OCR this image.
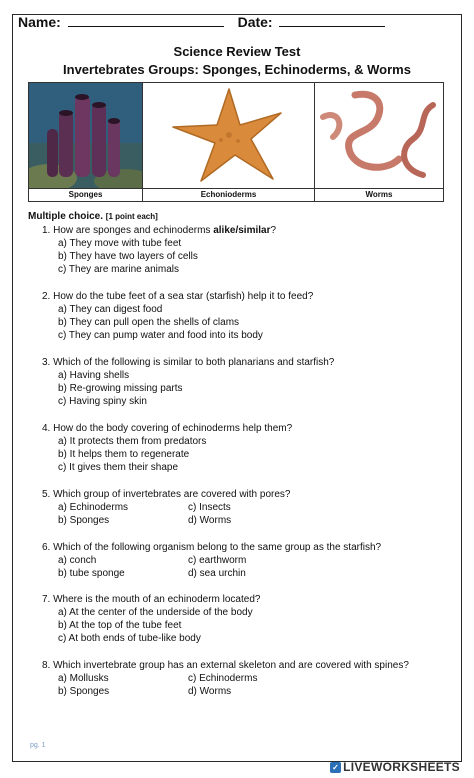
Name:	Date:
Science Review Test
Invertebrates Groups: Sponges, Echinoderms, & Worms
Sponges	Echonioderms	Worms
Multiple choice. [1 point each]
1. How are sponges and echinoderms alike/similar?
a) They move with tube feet
b) They have two layers of cells
c) They are marine animals
2. How do the tube feet of a sea star (starfish) help it to feed?
a) They can digest food
b) They can pull open the shells of clams
c) They can pump water and food into its body
3. Which of the following is similar to both planarians and starfish?
a) Having shells
b) Re-growing missing parts
c) Having spiny skin
4. How do the body covering of echinoderms help them?
a) It protects them from predators
b) It helps them to regenerate
c) It gives them their shape
5. Which group of invertebrates are covered with pores?
a) Echinoderms	c) Insects
b) Sponges	d) Worms
6. Which of the following organism belong to the same group as the starfish?
a) conch	c) earthworm
b) tube sponge	d) sea urchin
7. Where is the mouth of an echinoderm located?
a) At the center of the underside of the body
b) At the top of the tube feet
c) At both ends of tube-like body
8. Which invertebrate group has an external skeleton and are covered with spines?
a) Mollusks	c) Echinoderms
b) Sponges	d) Worms
pg. 1
✓ LIVEWORKSHEETS
